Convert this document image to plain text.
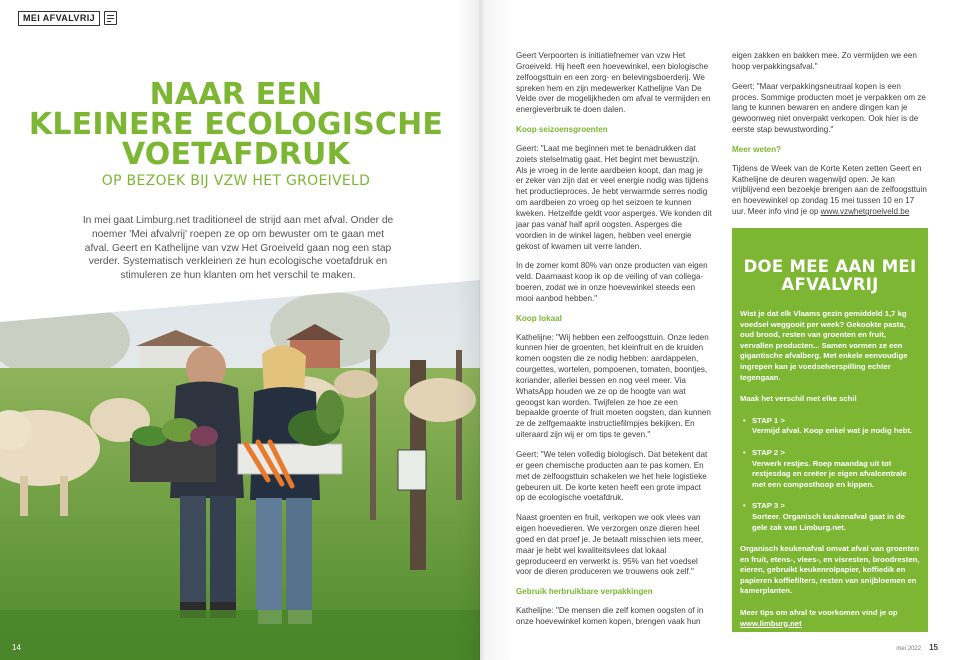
MEI AFVALVRIJ
NAAR EEN
KLEINERE ECOLOGISCHE
VOETAFDRUK
OP BEZOEK BIJ VZW HET GROEIVELD

In mei gaat Limburg.net traditioneel de strijd aan met afval. Onder de noemer 'Mei afvalvrij' roepen ze op om bewuster om te gaan met afval. Geert en Kathelijne van vzw Het Groeiveld gaan nog een stap verder. Systematisch verkleinen ze hun ecologische voetafdruk en stimuleren ze hun klanten om het verschil te maken.

14

Geert Verpoorten is initiatiefnemer van vzw Het Groeiveld. Hij heeft een hoevewinkel, een biologische zelfoogsttuin en een zorg- en belevingsboerderij. We spreken hem en zijn medewerker Kathelijne Van De Velde over de mogelijkheden om afval te vermijden en energieverbruik te doen dalen.

Koop seizoensgroenten

Geert: "Laat me beginnen met te benadrukken dat zoiets stelselmatig gaat. Het begint met bewustzijn. Als je vroeg in de lente aardbeien koopt, dan mag je er zeker van zijn dat er veel energie nodig was tijdens het productieproces. Je hebt verwarmde serres nodig om aardbeien zo vroeg op het seizoen te kunnen kweken. Hetzelfde geldt voor asperges. We konden dit jaar pas vanaf half april oogsten. Asperges die voordien in de winkel lagen, hebben veel energie gekost of kwamen uit verre landen.

In de zomer komt 80% van onze producten van eigen veld. Daarnaast koop ik op de veiling of van collega-boeren, zodat we in onze hoevewinkel steeds een mooi aanbod hebben."

Koop lokaal

Kathelijne: "Wij hebben een zelfoogsttuin. Onze leden kunnen hier de groenten, het kleinfruit en de kruiden komen oogsten die ze nodig hebben: aardappelen, courgettes, wortelen, pompoenen, tomaten, boontjes, koriander, allerlei bessen en nog veel meer. Via WhatsApp houden we ze op de hoogte van wat geoogst kan worden. Twijfelen ze hoe ze een bepaalde groente of fruit moeten oogsten, dan kunnen ze de zelfgemaakte instructiefilmpjes bekijken. En uiteraard zijn wij er om tips te geven."

Geert: "We telen volledig biologisch. Dat betekent dat er geen chemische producten aan te pas komen. En met de zelfoogsttuin schakelen we het hele logistieke gebeuren uit. De korte keten heeft een grote impact op de ecologische voetafdruk.

Naast groenten en fruit, verkopen we ook vlees van eigen hoevedieren. We verzorgen onze dieren heel goed en dat proef je. Je betaalt misschien iets meer, maar je hebt wel kwaliteitsvlees dat lokaal geproduceerd en verwerkt is. 95% van het voedsel voor de dieren produceren we trouwens ook zelf."

Gebruik herbruikbare verpakkingen

Kathelijne: "De mensen die zelf komen oogsten of in onze hoevewinkel komen kopen, brengen vaak hun

eigen zakken en bakken mee. Zo vermijden we een hoop verpakkingsafval."

Geert: "Maar verpakkingsneutraal kopen is een proces. Sommige producten moet je verpakken om ze lang te kunnen bewaren en andere dingen kan je gewoonweg niet onverpakt verkopen. Ook hier is de eerste stap bewustwording."

Meer weten?

Tijdens de Week van de Korte Keten zetten Geert en Kathelijne de deuren wagenwijd open. Je kan vrijblijvend een bezoekje brengen aan de zelfoogsttuin en hoevewinkel op zondag 15 mei tussen 10 en 17 uur. Meer info vind je op www.vzwhetgroeiveld.be

DOE MEE AAN MEI AFVALVRIJ

Wist je dat elk Vlaams gezin gemiddeld 1,7 kg voedsel weggooit per week? Gekookte pasta, oud brood, resten van groenten en fruit, vervallen producten... Samen vormen ze een gigantische afvalberg. Met enkele eenvoudige ingrepen kan je voedselverspilling echter tegengaan.

Maak het verschil met elke schil

• STAP 1 >
Vermijd afval. Koop enkel wat je nodig hebt.
• STAP 2 >
Verwerk restjes. Roep maandag uit tot restjesdag en creëer je eigen afvalcentrale met een composthoop en kippen.
• STAP 3 >
Sorteer. Organisch keukenafval gaat in de gele zak van Limburg.net.

Organisch keukenafval omvat afval van groenten en fruit, etens-, vlees-, en visresten, broodresten, eieren, gebruikt keukenrolpapier, koffiedik en papieren koffiefilters, resten van snijbloemen en kamerplanten.

Meer tips om afval te voorkomen vind je op
www.limburg.net

mei 2022 15
